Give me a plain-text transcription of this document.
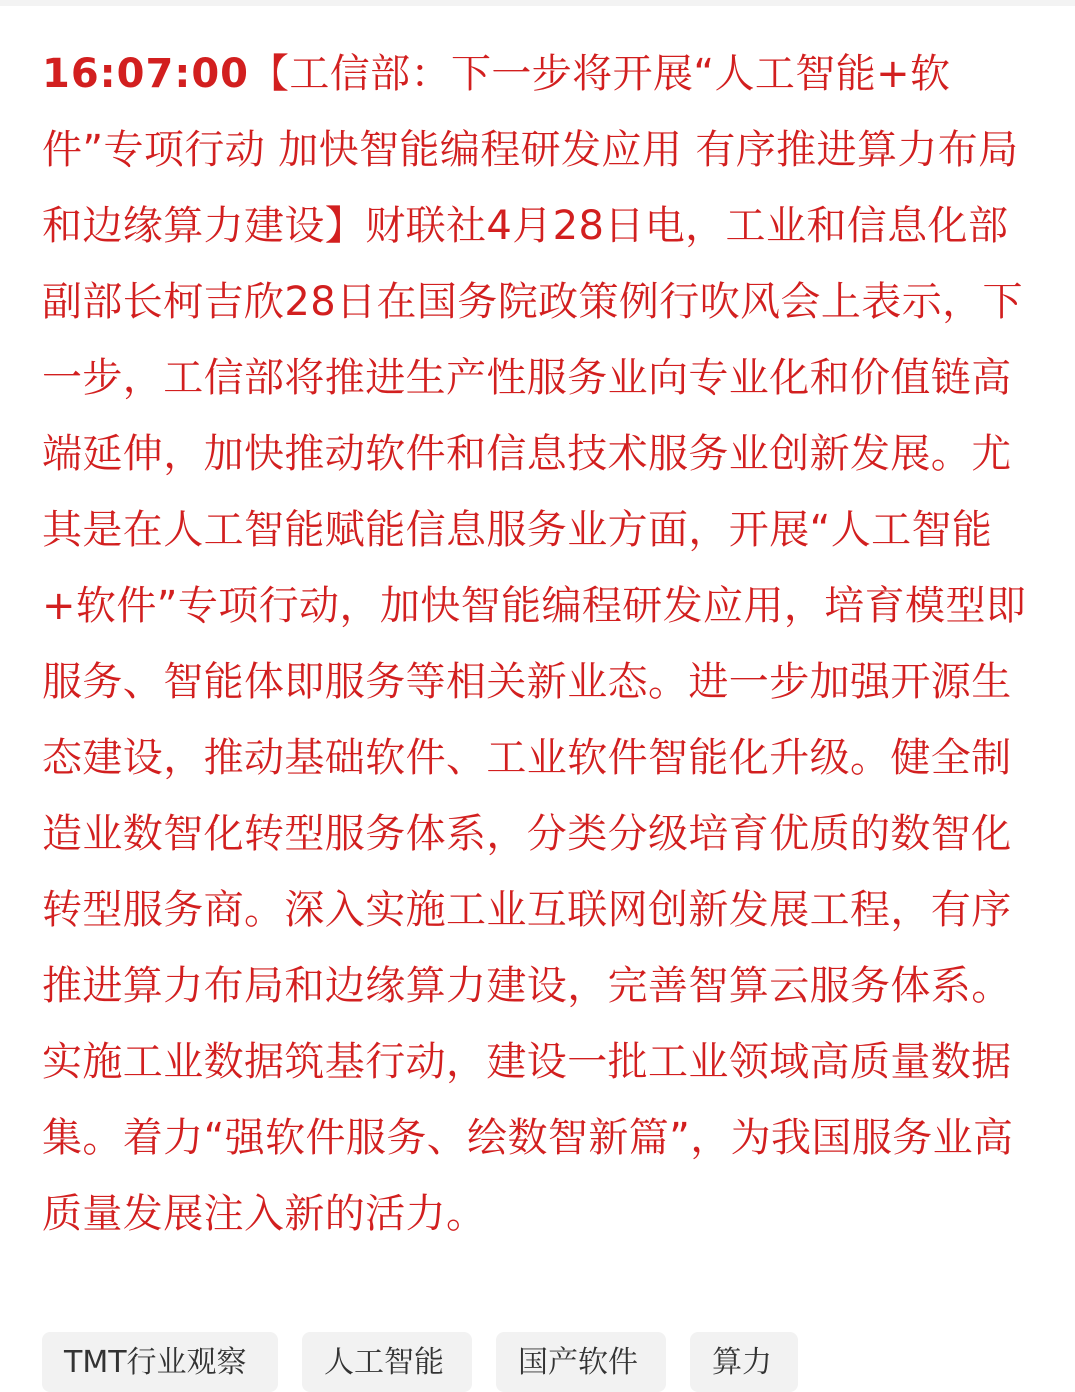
16:07:00【工信部：下一步将开展“人工智能+软件”专项行动 加快智能编程研发应用 有序推进算力布局和边缘算力建设】财联社4月28日电，工业和信息化部副部长柯吉欣28日在国务院政策例行吹风会上表示，下一步，工信部将推进生产性服务业向专业化和价值链高端延伸，加快推动软件和信息技术服务业创新发展。尤其是在人工智能赋能信息服务业方面，开展“人工智能+软件”专项行动，加快智能编程研发应用，培育模型即服务、智能体即服务等相关新业态。进一步加强开源生态建设，推动基础软件、工业软件智能化升级。健全制造业数智化转型服务体系，分类分级培育优质的数智化转型服务商。深入实施工业互联网创新发展工程，有序推进算力布局和边缘算力建设，完善智算云服务体系。实施工业数据筑基行动，建设一批工业领域高质量数据集。着力“强软件服务、绘数智新篇”，为我国服务业高质量发展注入新的活力。
TMT行业观察	人工智能 国产软件 算力
